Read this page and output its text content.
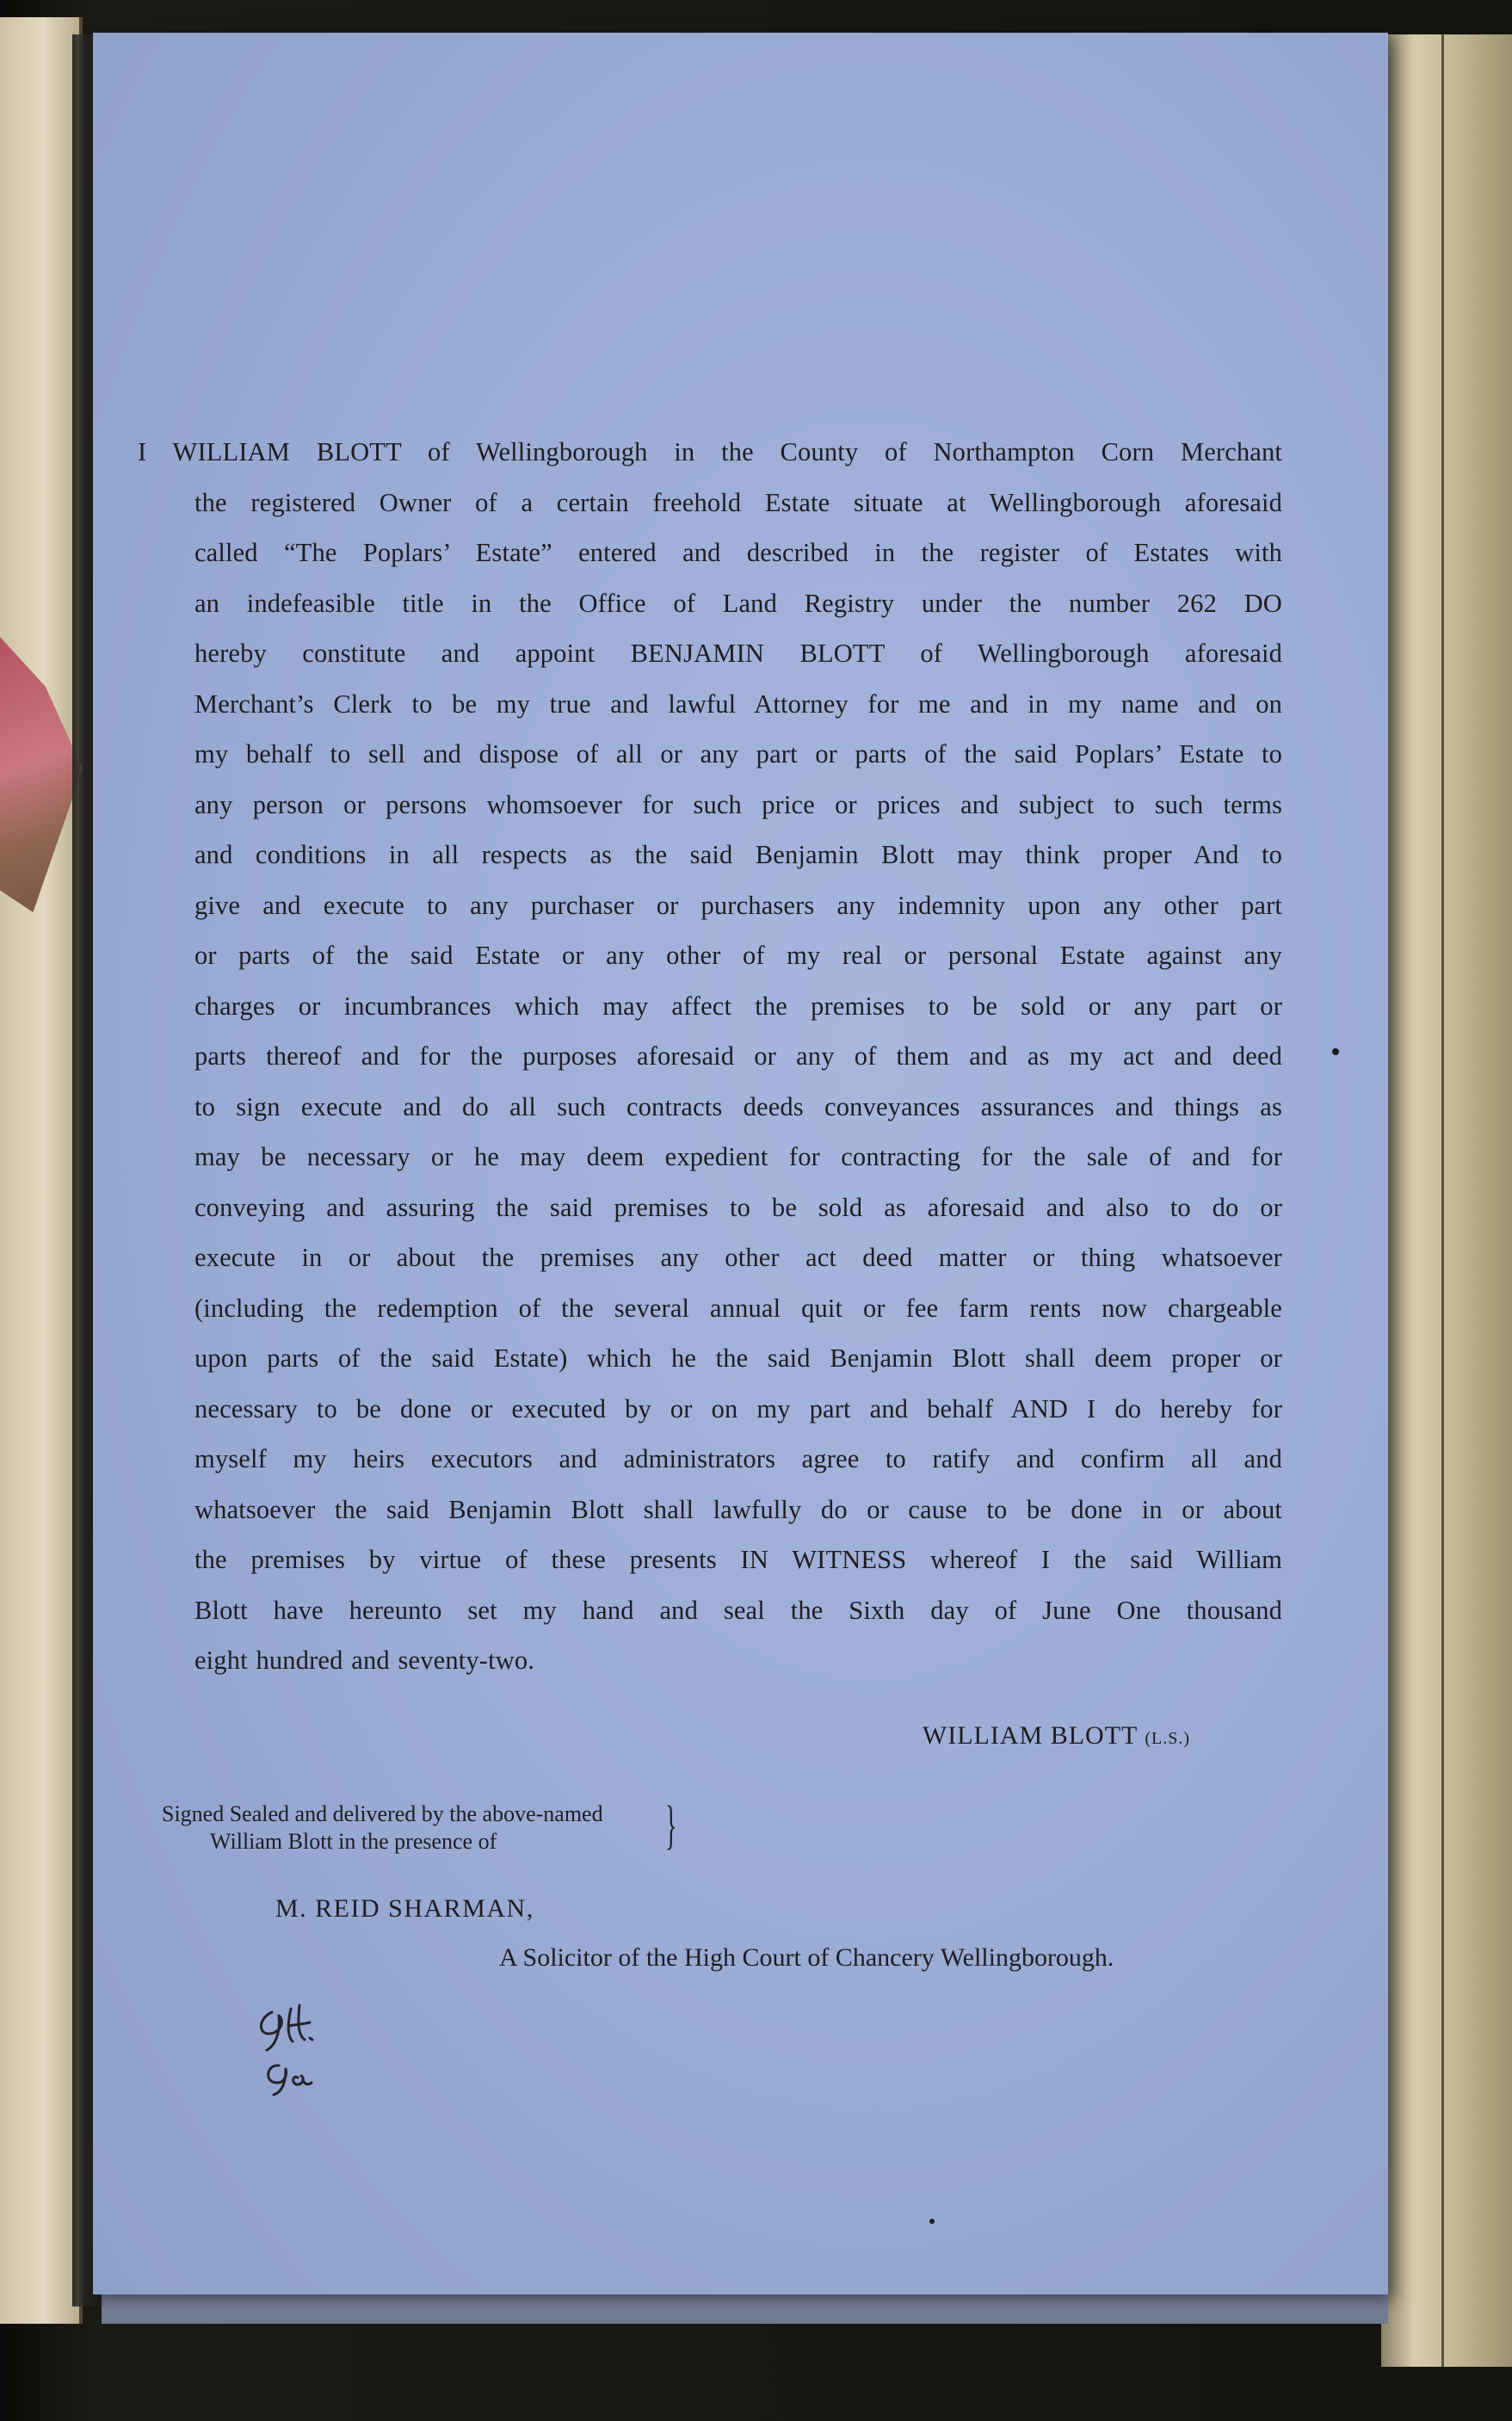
I WILLIAM BLOTT of Wellingborough in the County of Northampton Corn Merchant
the registered Owner of a certain freehold Estate situate at Wellingborough aforesaid
called “The Poplars’ Estate” entered and described in the register of Estates with
an indefeasible title in the Office of Land Registry under the number 262 DO
hereby constitute and appoint BENJAMIN BLOTT of Wellingborough aforesaid
Merchant’s Clerk to be my true and lawful Attorney for me and in my name and on
my behalf to sell and dispose of all or any part or parts of the said Poplars’ Estate to
any person or persons whomsoever for such price or prices and subject to such terms
and conditions in all respects as the said Benjamin Blott may think proper And to
give and execute to any purchaser or purchasers any indemnity upon any other part
or parts of the said Estate or any other of my real or personal Estate against any
charges or incumbrances which may affect the premises to be sold or any part or
parts thereof and for the purposes aforesaid or any of them and as my act and deed
to sign execute and do all such contracts deeds conveyances assurances and things as
may be necessary or he may deem expedient for contracting for the sale of and for
conveying and assuring the said premises to be sold as aforesaid and also to do or
execute in or about the premises any other act deed matter or thing whatsoever
(including the redemption of the several annual quit or fee farm rents now chargeable
upon parts of the said Estate) which he the said Benjamin Blott shall deem proper or
necessary to be done or executed by or on my part and behalf AND I do hereby for
myself my heirs executors and administrators agree to ratify and confirm all and
whatsoever the said Benjamin Blott shall lawfully do or cause to be done in or about
the premises by virtue of these presents IN WITNESS whereof I the said William
Blott have hereunto set my hand and seal the Sixth day of June One thousand
eight hundred and seventy-two.
WILLIAM BLOTT (L.S.)
Signed Sealed and delivered by the above-named
William Blott in the presence of	}
M. REID SHARMAN,
A Solicitor of the High Court of Chancery Wellingborough.
